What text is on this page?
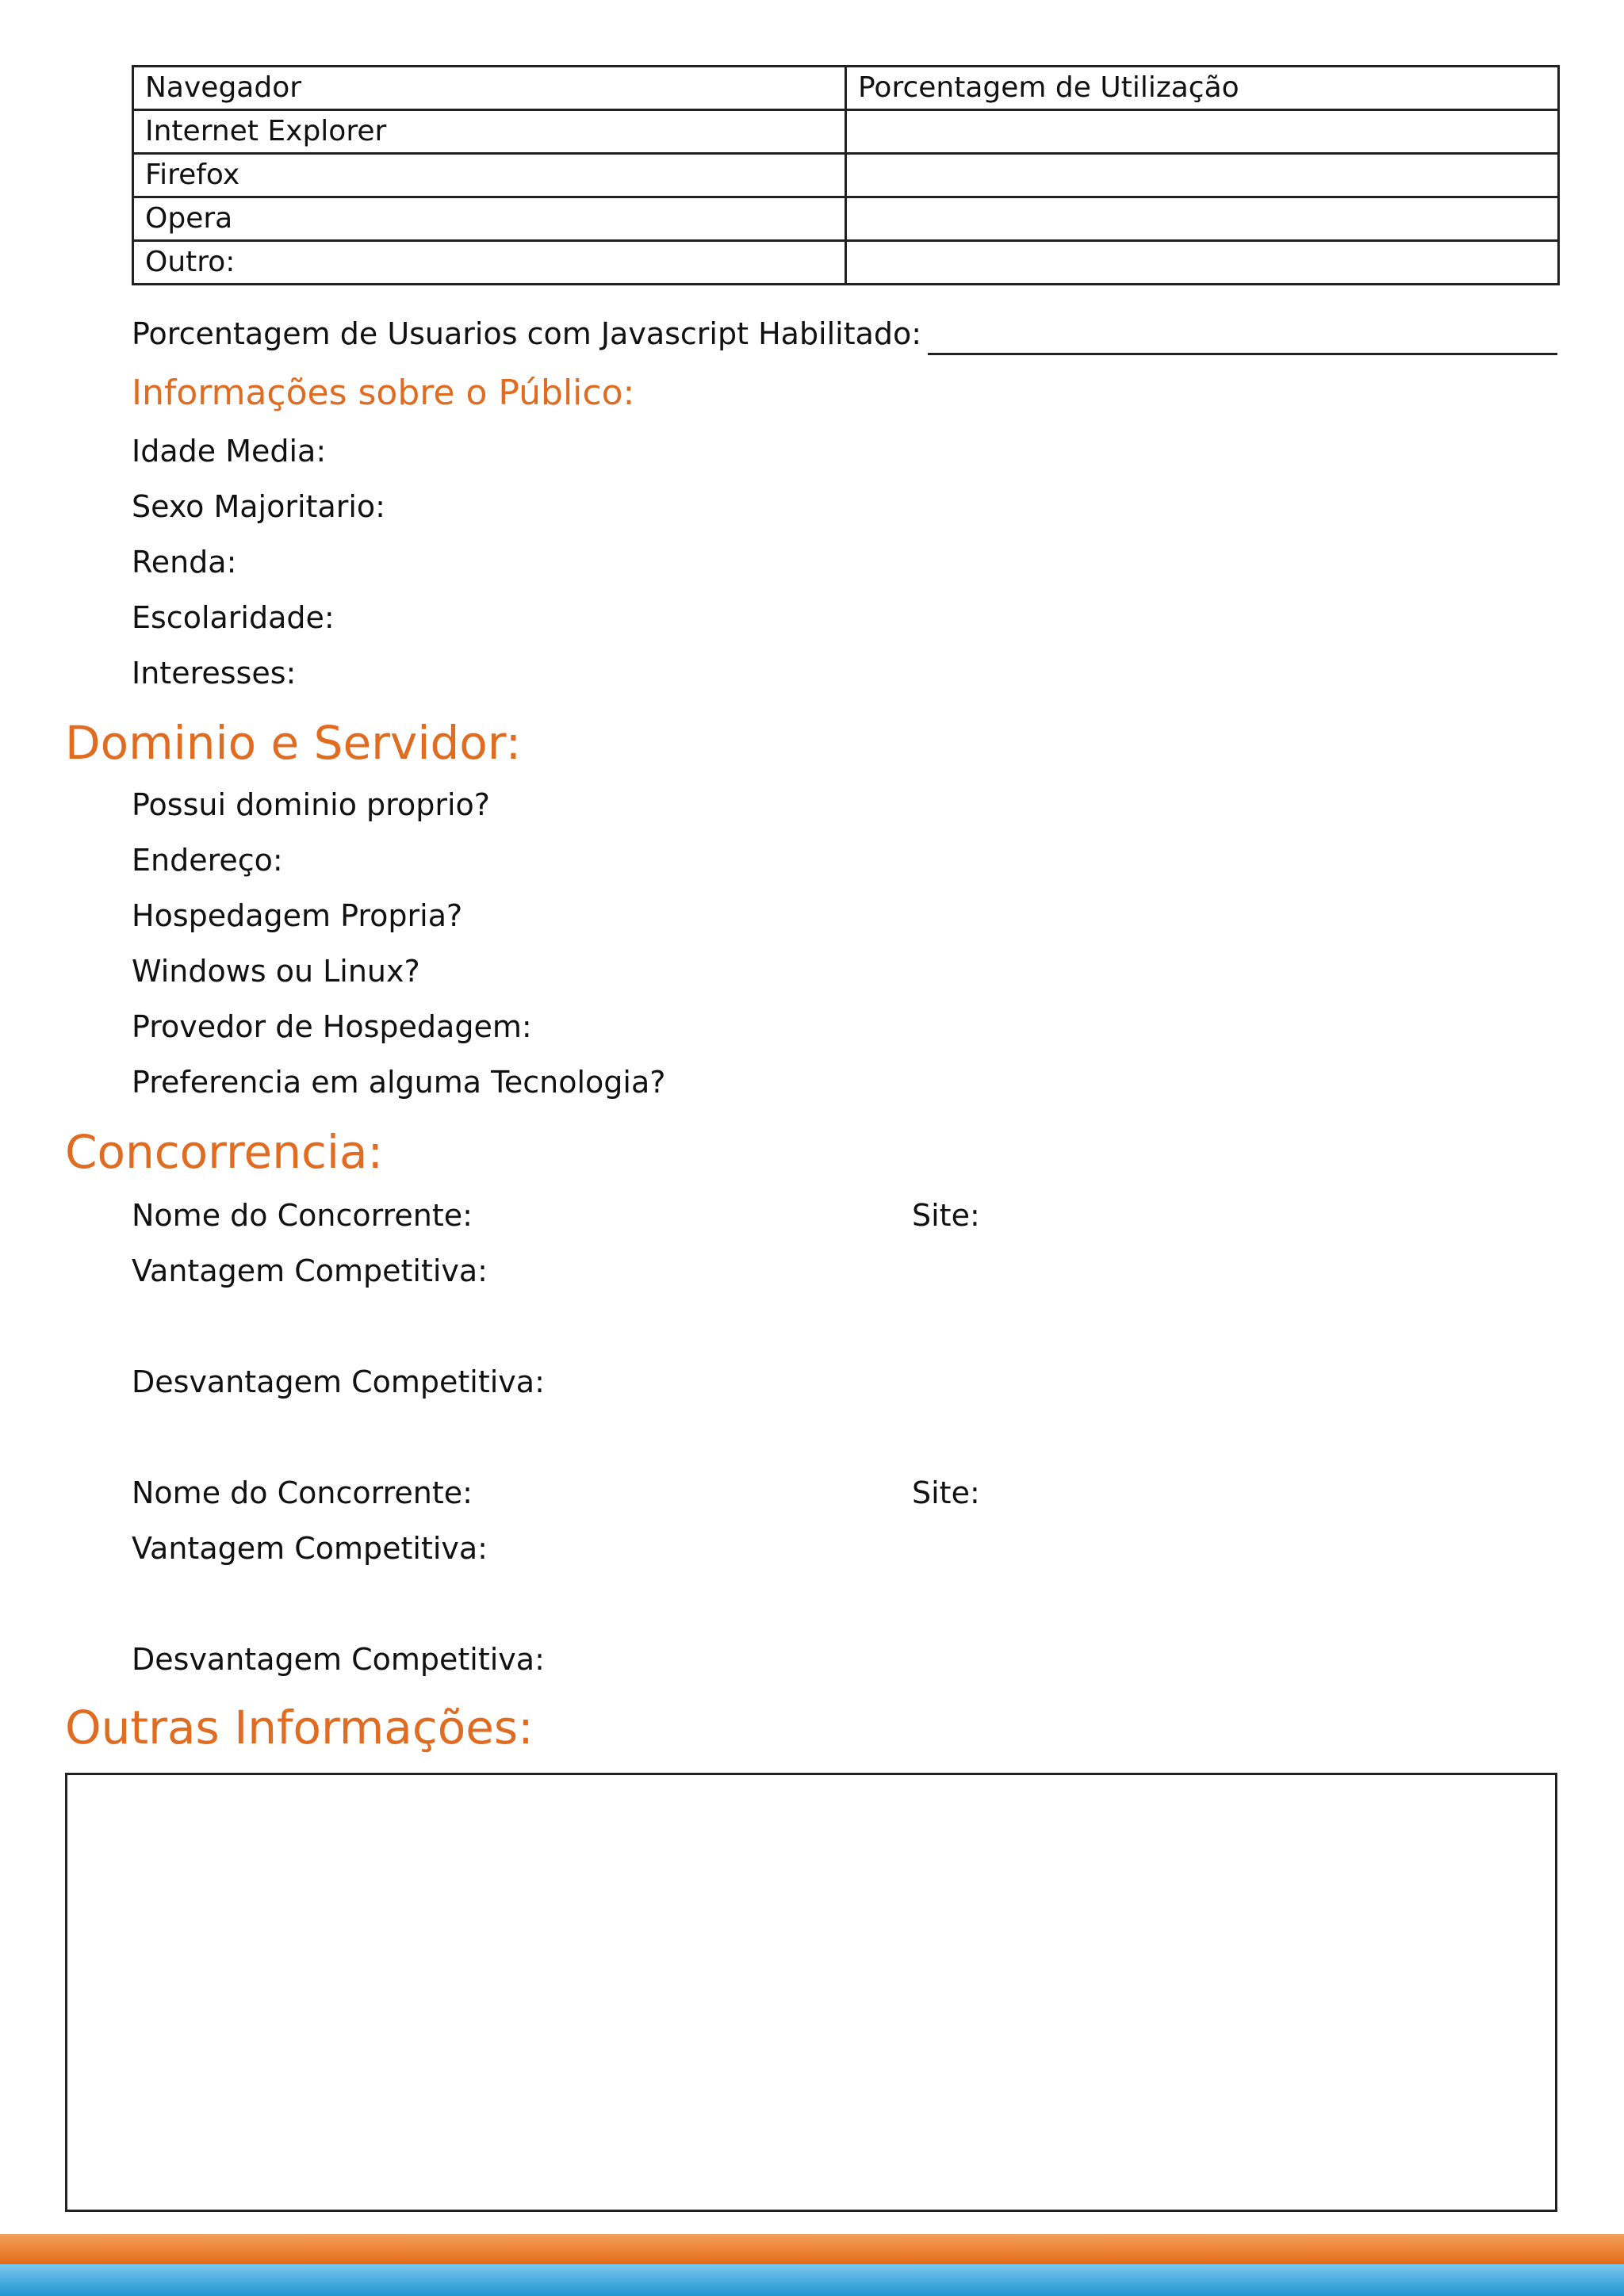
Navegador	Porcentagem de Utilização
Internet Explorer	
Firefox	
Opera	
Outro:	
Porcentagem de Usuarios com Javascript Habilitado:
Informações sobre o Público:
Idade Media:
Sexo Majoritario:
Renda:
Escolaridade:
Interesses:
Dominio e Servidor:
Possui dominio proprio?
Endereço:
Hospedagem Propria?
Windows ou Linux?
Provedor de Hospedagem:
Preferencia em alguma Tecnologia?
Concorrencia:
Nome do Concorrente:	Site:
Vantagem Competitiva:
Desvantagem Competitiva:
Nome do Concorrente:	Site:
Vantagem Competitiva:
Desvantagem Competitiva:
Outras Informações:
